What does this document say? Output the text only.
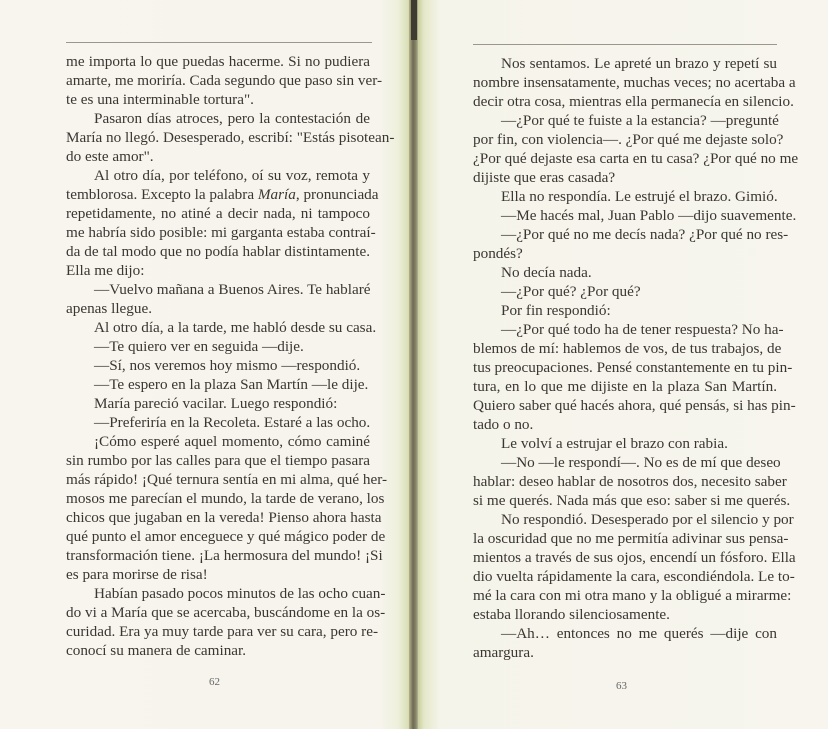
me importa lo que puedas hacerme. Si no pudiera
amarte, me moriría. Cada segundo que paso sin ver-
te es una interminable tortura".
Pasaron días atroces, pero la contestación de
María no llegó. Desesperado, escribí: "Estás pisotean-
do este amor".
Al otro día, por teléfono, oí su voz, remota y
temblorosa. Excepto la palabra María, pronunciada
repetidamente, no atiné a decir nada, ni tampoco
me habría sido posible: mi garganta estaba contraí-
da de tal modo que no podía hablar distintamente.
Ella me dijo:
—Vuelvo mañana a Buenos Aires. Te hablaré
apenas llegue.
Al otro día, a la tarde, me habló desde su casa.
—Te quiero ver en seguida —dije.
—Sí, nos veremos hoy mismo —respondió.
—Te espero en la plaza San Martín —le dije.
María pareció vacilar. Luego respondió:
—Preferiría en la Recoleta. Estaré a las ocho.
¡Cómo esperé aquel momento, cómo caminé
sin rumbo por las calles para que el tiempo pasara
más rápido! ¡Qué ternura sentía en mi alma, qué her-
mosos me parecían el mundo, la tarde de verano, los
chicos que jugaban en la vereda! Pienso ahora hasta
qué punto el amor enceguece y qué mágico poder de
transformación tiene. ¡La hermosura del mundo! ¡Si
es para morirse de risa!
Habían pasado pocos minutos de las ocho cuan-
do vi a María que se acercaba, buscándome en la os-
curidad. Era ya muy tarde para ver su cara, pero re-
conocí su manera de caminar.
62
Nos sentamos. Le apreté un brazo y repetí su
nombre insensatamente, muchas veces; no acertaba a
decir otra cosa, mientras ella permanecía en silencio.
—¿Por qué te fuiste a la estancia? —pregunté
por fin, con violencia—. ¿Por qué me dejaste solo?
¿Por qué dejaste esa carta en tu casa? ¿Por qué no me
dijiste que eras casada?
Ella no respondía. Le estrujé el brazo. Gimió.
—Me hacés mal, Juan Pablo —dijo suavemente.
—¿Por qué no me decís nada? ¿Por qué no res-
pondés?
No decía nada.
—¿Por qué? ¿Por qué?
Por fin respondió:
—¿Por qué todo ha de tener respuesta? No ha-
blemos de mí: hablemos de vos, de tus trabajos, de
tus preocupaciones. Pensé constantemente en tu pin-
tura, en lo que me dijiste en la plaza San Martín.
Quiero saber qué hacés ahora, qué pensás, si has pin-
tado o no.
Le volví a estrujar el brazo con rabia.
—No —le respondí—. No es de mí que deseo
hablar: deseo hablar de nosotros dos, necesito saber
si me querés. Nada más que eso: saber si me querés.
No respondió. Desesperado por el silencio y por
la oscuridad que no me permitía adivinar sus pensa-
mientos a través de sus ojos, encendí un fósforo. Ella
dio vuelta rápidamente la cara, escondiéndola. Le to-
mé la cara con mi otra mano y la obligué a mirarme:
estaba llorando silenciosamente.
—Ah… entonces no me querés —dije con
amargura.
63
